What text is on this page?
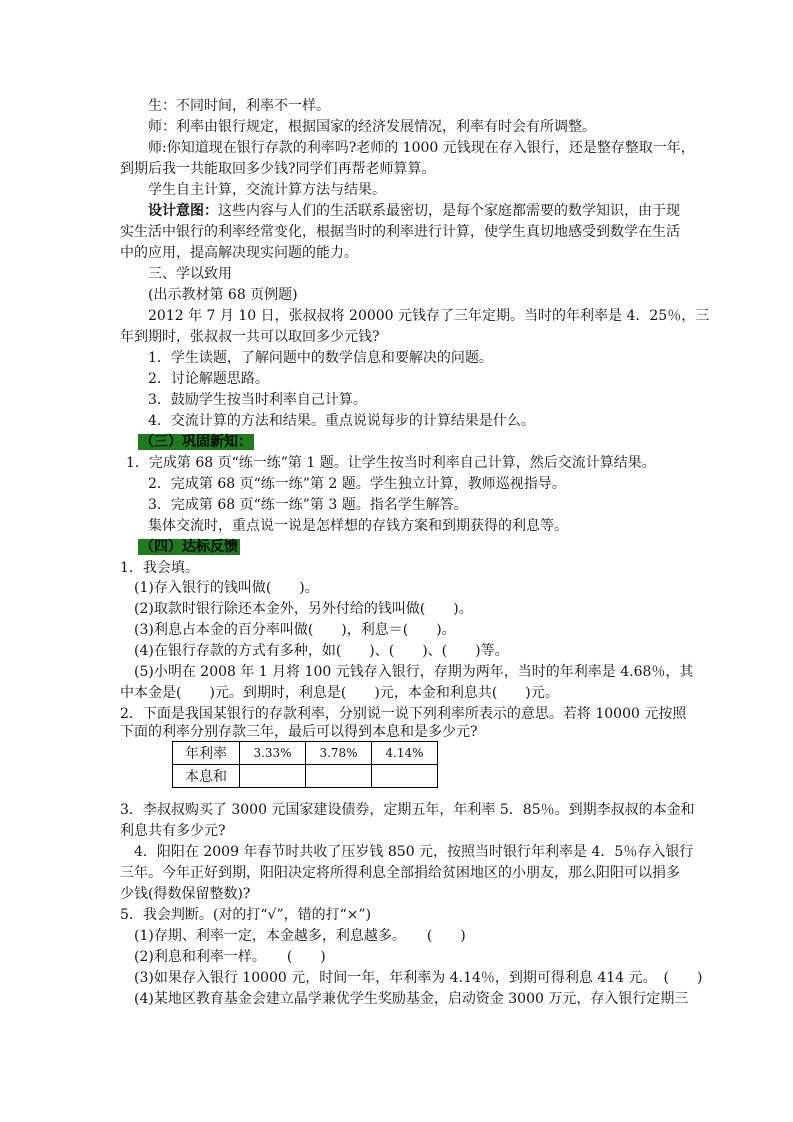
生：不同时间，利率不一样。
师：利率由银行规定，根据国家的经济发展情况，利率有时会有所调整。
师:你知道现在银行存款的利率吗?老师的 1000 元钱现在存入银行，还是整存整取一年，
到期后我一共能取回多少钱?同学们再帮老师算算。
学生自主计算，交流计算方法与结果。
设计意图：这些内容与人们的生活联系最密切，是每个家庭都需要的数学知识，由于现
实生活中银行的利率经常变化，根据当时的利率进行计算，使学生真切地感受到数学在生活
中的应用，提高解决现实问题的能力。
三、学以致用
(出示教材第 68 页例题)
2012 年 7 月 10 日，张叔叔将 20000 元钱存了三年定期。当时的年利率是 4．25％，三
年到期时，张叔叔一共可以取回多少元钱?
1．学生读题，了解问题中的数学信息和要解决的问题。
2．讨论解题思路。
3．鼓励学生按当时利率自己计算。
4．交流计算的方法和结果。重点说说每步的计算结果是什么。
（三）巩固新知：
1．完成第 68 页“练一练”第 1 题。让学生按当时利率自己计算，然后交流计算结果。
2．完成第 68 页“练一练”第 2 题。学生独立计算，教师巡视指导。
3．完成第 68 页“练一练”第 3 题。指名学生解答。
集体交流时，重点说一说是怎样想的存钱方案和到期获得的利息等。
（四）达标反馈
1．我会填。
(1)存入银行的钱叫做(　　)。
(2)取款时银行除还本金外，另外付给的钱叫做(　　)。
(3)利息占本金的百分率叫做(　　)，利息＝(　　)。
(4)在银行存款的方式有多种，如(　　)、(　　)、(　　)等。
(5)小明在 2008 年 1 月将 100 元钱存入银行，存期为两年，当时的年利率是 4.68％，其
中本金是(　　)元。到期时，利息是(　　)元，本金和利息共(　　)元。
2．下面是我国某银行的存款利率，分别说一说下列利率所表示的意思。若将 10000 元按照
下面的利率分别存款三年，最后可以得到本息和是多少元?
年利率	3.33%	3.78%	4.14%
本息和			
3．李叔叔购买了 3000 元国家建设债券，定期五年，年利率 5．85％。到期李叔叔的本金和
利息共有多少元?
4．阳阳在 2009 年春节时共收了压岁钱 850 元，按照当时银行年利率是 4．5％存入银行
三年。今年正好到期，阳阳决定将所得利息全部捐给贫困地区的小朋友，那么阳阳可以捐多
少钱(得数保留整数)?
5．我会判断。(对的打“√”，错的打“×”)
(1)存期、利率一定，本金越多，利息越多。　　(　　)
(2)利息和利率一样。　　(　　)
(3)如果存入银行 10000 元，时间一年，年利率为 4.14％，到期可得利息 414 元。　(　　)
(4)某地区教育基金会建立晶学兼优学生奖励基金，启动资金 3000 万元，存入银行定期三
